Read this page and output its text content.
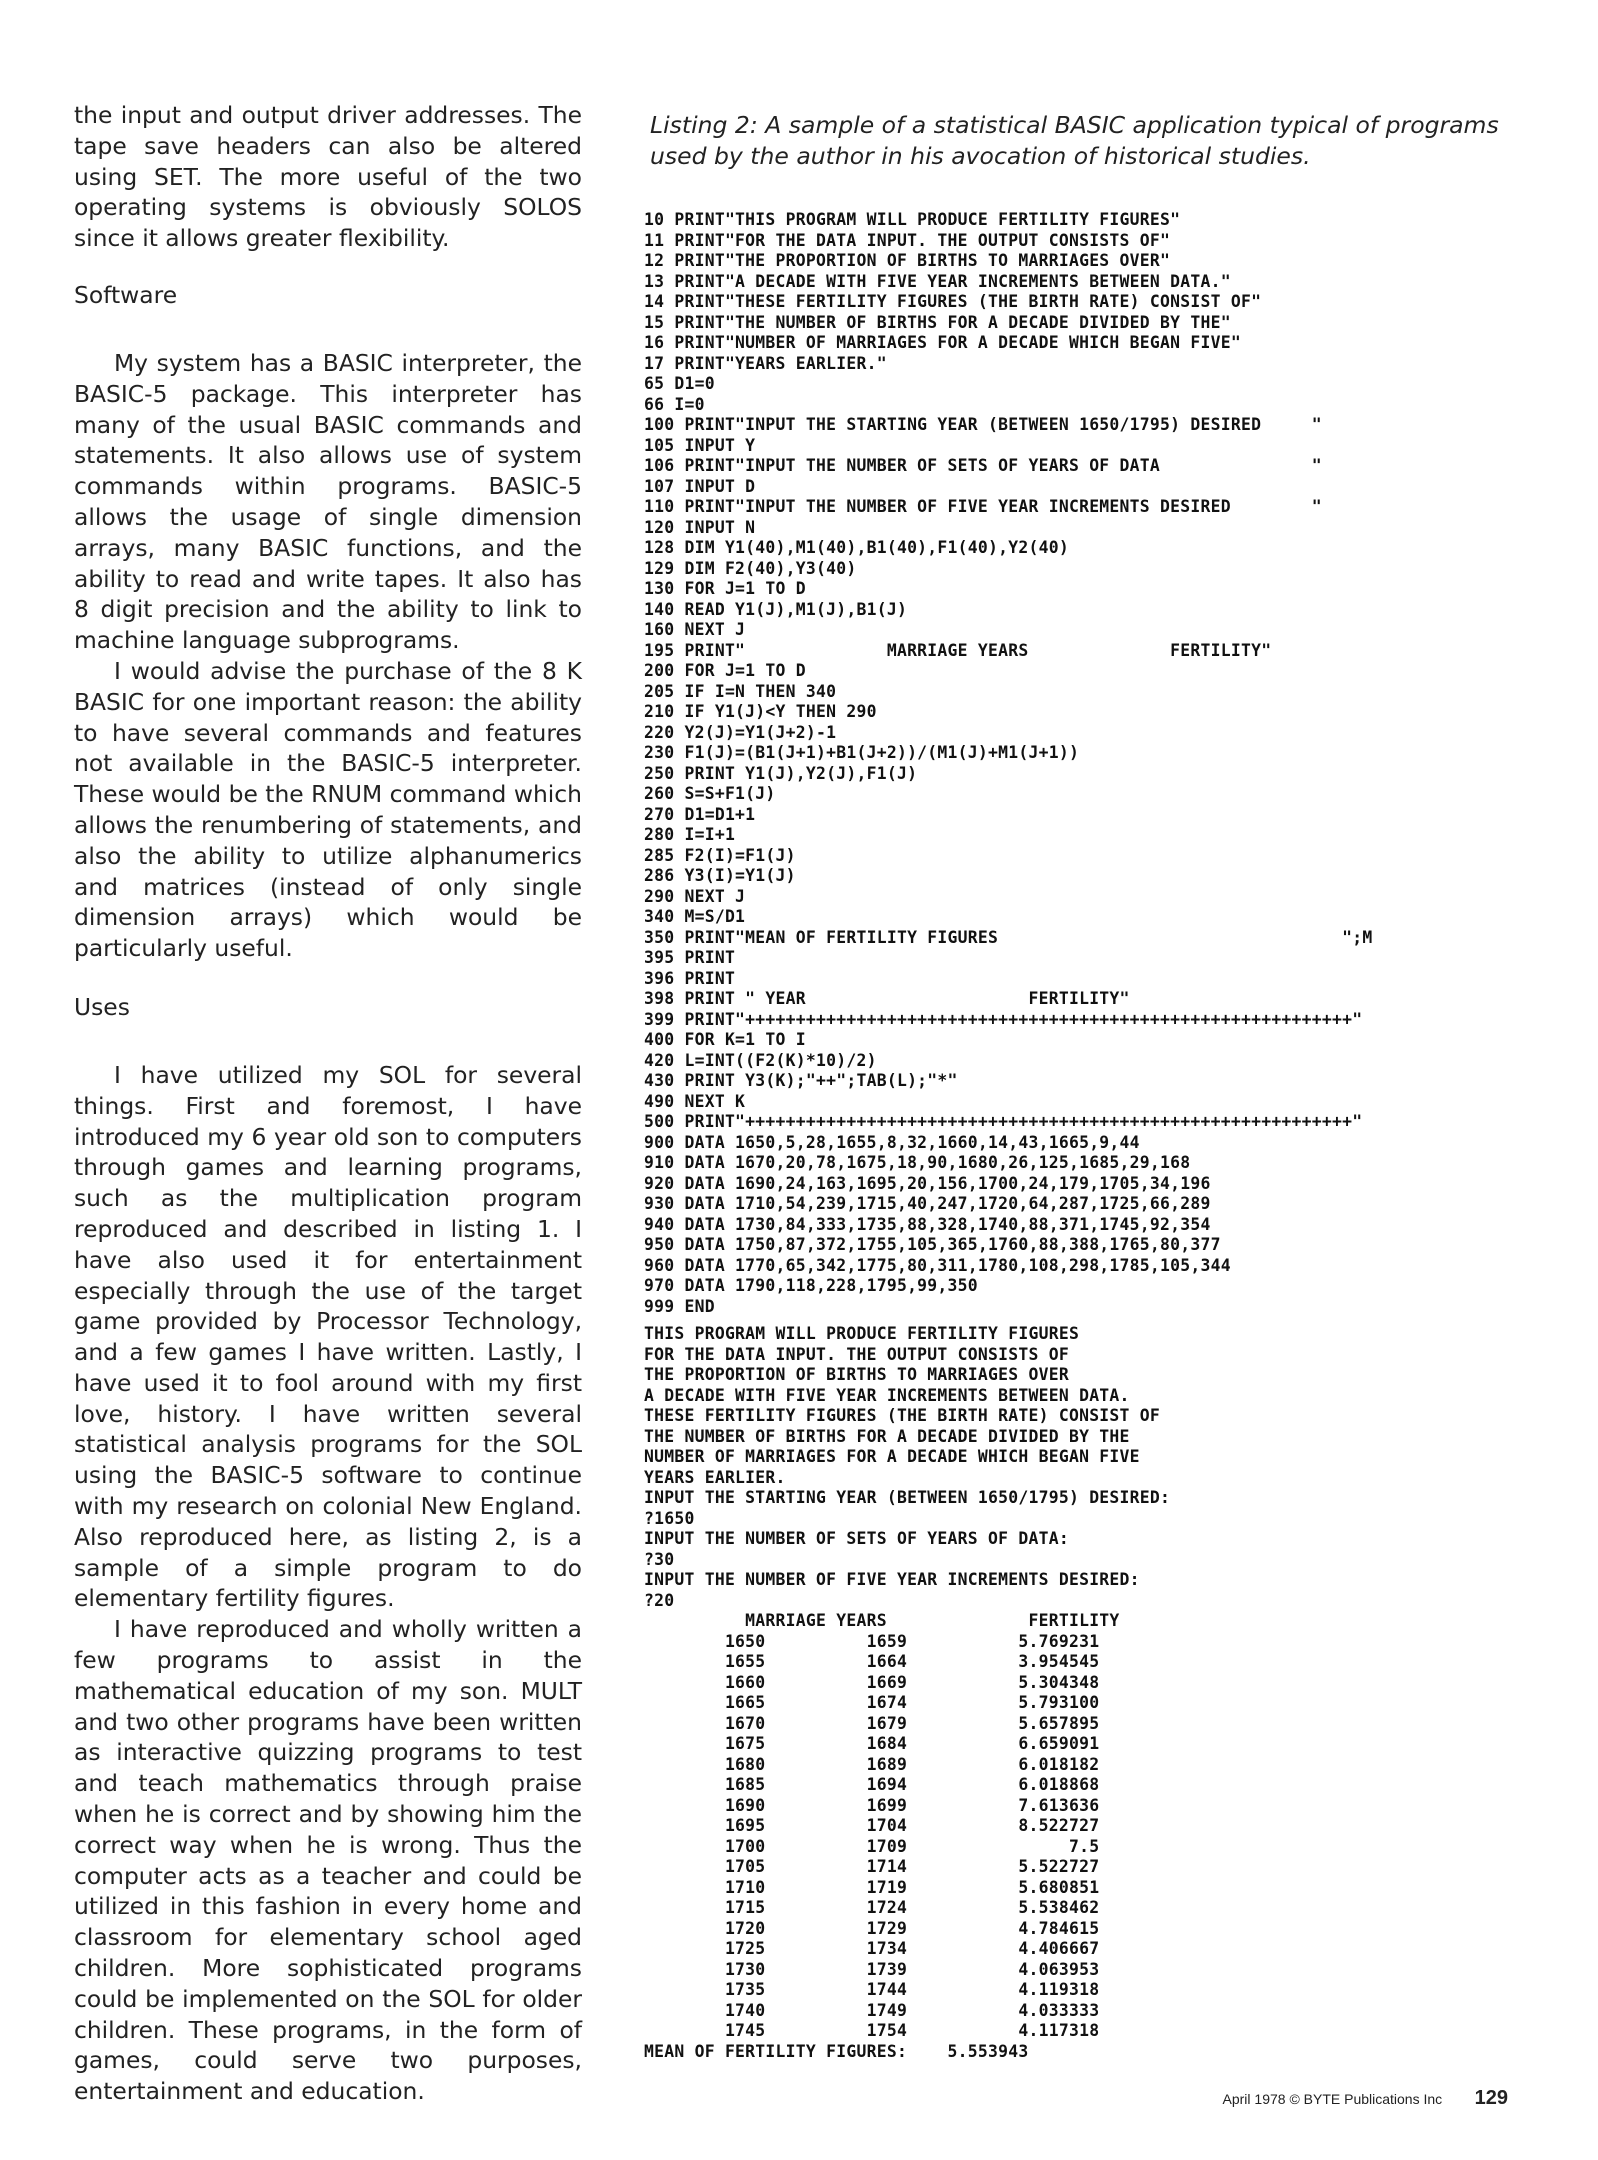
the input and output driver addresses. The tape save headers can also be altered using SET. The more useful of the two operating systems is obviously SOLOS since it allows greater flexibility.

Software

My system has a BASIC interpreter, the BASIC-5 package. This interpreter has many of the usual BASIC commands and statements. It also allows use of system commands within programs. BASIC-5 allows the usage of single dimension arrays, many BASIC functions, and the ability to read and write tapes. It also has 8 digit precision and the ability to link to machine language subprograms.

I would advise the purchase of the 8 K BASIC for one important reason: the ability to have several commands and features not available in the BASIC-5 interpreter. These would be the RNUM command which allows the renumbering of statements, and also the ability to utilize alphanumerics and matrices (instead of only single dimension arrays) which would be particularly useful.

Uses

I have utilized my SOL for several things. First and foremost, I have introduced my 6 year old son to computers through games and learning programs, such as the multiplication program reproduced and described in listing 1. I have also used it for entertainment especially through the use of the target game provided by Processor Technology, and a few games I have written. Lastly, I have used it to fool around with my first love, history. I have written several statistical analysis programs for the SOL using the BASIC-5 software to continue with my research on colonial New England. Also reproduced here, as listing 2, is a sample of a simple program to do elementary fertility figures.

I have reproduced and wholly written a few programs to assist in the mathematical education of my son. MULT and two other programs have been written as interactive quizzing programs to test and teach mathematics through praise when he is correct and by showing him the correct way when he is wrong. Thus the computer acts as a teacher and could be utilized in this fashion in every home and classroom for elementary school aged children. More sophisticated programs could be implemented on the SOL for older children. These programs, in the form of games, could serve two purposes, entertainment and education.

Listing 2: A sample of a statistical BASIC application typical of programs used by the author in his avocation of historical studies.
10 PRINT"THIS PROGRAM WILL PRODUCE FERTILITY FIGURES"
11 PRINT"FOR THE DATA INPUT. THE OUTPUT CONSISTS OF"
12 PRINT"THE PROPORTION OF BIRTHS TO MARRIAGES OVER"
13 PRINT"A DECADE WITH FIVE YEAR INCREMENTS BETWEEN DATA."
14 PRINT"THESE FERTILITY FIGURES (THE BIRTH RATE) CONSIST OF"
15 PRINT"THE NUMBER OF BIRTHS FOR A DECADE DIVIDED BY THE"
16 PRINT"NUMBER OF MARRIAGES FOR A DECADE WHICH BEGAN FIVE"
17 PRINT"YEARS EARLIER."
65 D1=0
66 I=0
100 PRINT"INPUT THE STARTING YEAR (BETWEEN 1650/1795) DESIRED     "
105 INPUT Y
106 PRINT"INPUT THE NUMBER OF SETS OF YEARS OF DATA               "
107 INPUT D
110 PRINT"INPUT THE NUMBER OF FIVE YEAR INCREMENTS DESIRED        "
120 INPUT N
128 DIM Y1(40),M1(40),B1(40),F1(40),Y2(40)
129 DIM F2(40),Y3(40)
130 FOR J=1 TO D
140 READ Y1(J),M1(J),B1(J)
160 NEXT J
195 PRINT"              MARRIAGE YEARS              FERTILITY"
200 FOR J=1 TO D
205 IF I=N THEN 340
210 IF Y1(J)<Y THEN 290
220 Y2(J)=Y1(J+2)-1
230 F1(J)=(B1(J+1)+B1(J+2))/(M1(J)+M1(J+1))
250 PRINT Y1(J),Y2(J),F1(J)
260 S=S+F1(J)
270 D1=D1+1
280 I=I+1
285 F2(I)=F1(J)
286 Y3(I)=Y1(J)
290 NEXT J
340 M=S/D1
350 PRINT"MEAN OF FERTILITY FIGURES                                  ";M
395 PRINT
396 PRINT
398 PRINT " YEAR                      FERTILITY"
399 PRINT"++++++++++++++++++++++++++++++++++++++++++++++++++++++++++++"
400 FOR K=1 TO I
420 L=INT((F2(K)*10)/2)
430 PRINT Y3(K);"++";TAB(L);"*"
490 NEXT K
500 PRINT"++++++++++++++++++++++++++++++++++++++++++++++++++++++++++++"
900 DATA 1650,5,28,1655,8,32,1660,14,43,1665,9,44
910 DATA 1670,20,78,1675,18,90,1680,26,125,1685,29,168
920 DATA 1690,24,163,1695,20,156,1700,24,179,1705,34,196
930 DATA 1710,54,239,1715,40,247,1720,64,287,1725,66,289
940 DATA 1730,84,333,1735,88,328,1740,88,371,1745,92,354
950 DATA 1750,87,372,1755,105,365,1760,88,388,1765,80,377
960 DATA 1770,65,342,1775,80,311,1780,108,298,1785,105,344
970 DATA 1790,118,228,1795,99,350
999 END
THIS PROGRAM WILL PRODUCE FERTILITY FIGURES
FOR THE DATA INPUT. THE OUTPUT CONSISTS OF
THE PROPORTION OF BIRTHS TO MARRIAGES OVER
A DECADE WITH FIVE YEAR INCREMENTS BETWEEN DATA.
THESE FERTILITY FIGURES (THE BIRTH RATE) CONSIST OF
THE NUMBER OF BIRTHS FOR A DECADE DIVIDED BY THE
NUMBER OF MARRIAGES FOR A DECADE WHICH BEGAN FIVE
YEARS EARLIER.
INPUT THE STARTING YEAR (BETWEEN 1650/1795) DESIRED:
?1650
INPUT THE NUMBER OF SETS OF YEARS OF DATA:
?30
INPUT THE NUMBER OF FIVE YEAR INCREMENTS DESIRED:
?20
MARRIAGE YEARS              FERTILITY
1650          1659           5.769231
1655          1664           3.954545
1660          1669           5.304348
1665          1674           5.793100
1670          1679           5.657895
1675          1684           6.659091
1680          1689           6.018182
1685          1694           6.018868
1690          1699           7.613636
1695          1704           8.522727
1700          1709                7.5
1705          1714           5.522727
1710          1719           5.680851
1715          1724           5.538462
1720          1729           4.784615
1725          1734           4.406667
1730          1739           4.063953
1735          1744           4.119318
1740          1749           4.033333
1745          1754           4.117318
MEAN OF FERTILITY FIGURES:    5.553943
April 1978 © BYTE Publications Inc 129
